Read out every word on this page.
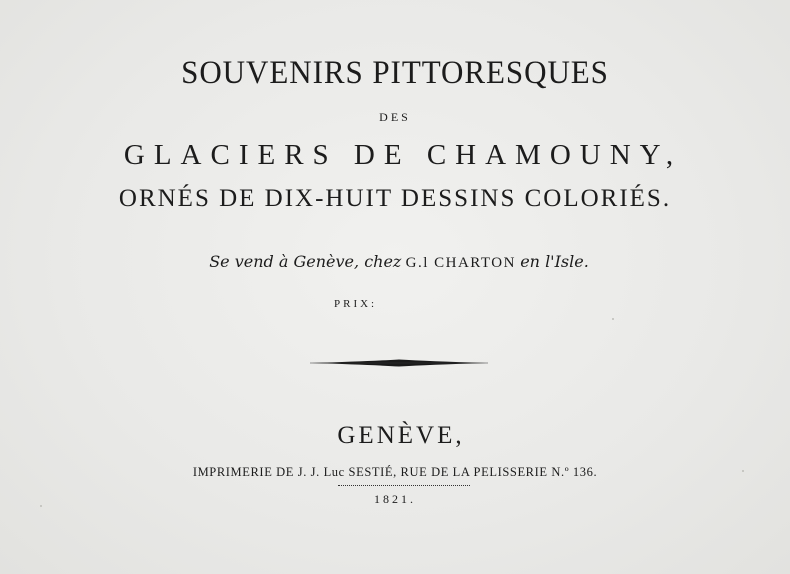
SOUVENIRS PITTORESQUES
DES
GLACIERS DE CHAMOUNY,
ORNÉS DE DIX-HUIT DESSINS COLORIÉS.
Se vend à Genève, chez G.l CHARTON en l'Isle.
PRIX:
GENÈVE,
IMPRIMERIE DE J. J. Luc SESTIÉ, RUE DE LA PELISSERIE N.º 136.
1821.
